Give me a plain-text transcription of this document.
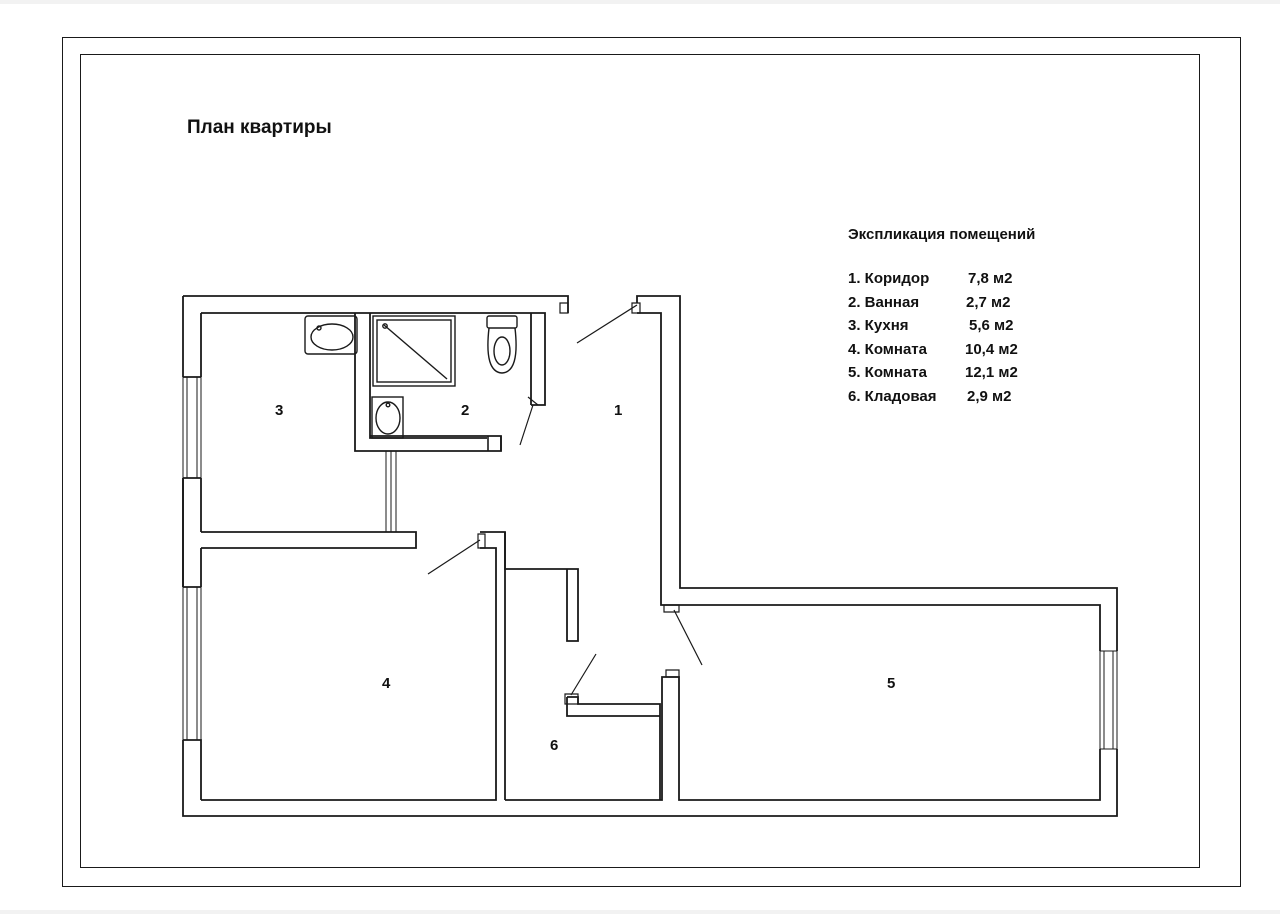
План квартиры
Экспликация помещений
1. Коридор	7,8 м2
2. Ванная	2,7 м2
3. Кухня	5,6 м2
4. Комната	10,4 м2
5. Комната	12,1 м2
6. Кладовая 2,9 м2
1
2
3
4	5
6
